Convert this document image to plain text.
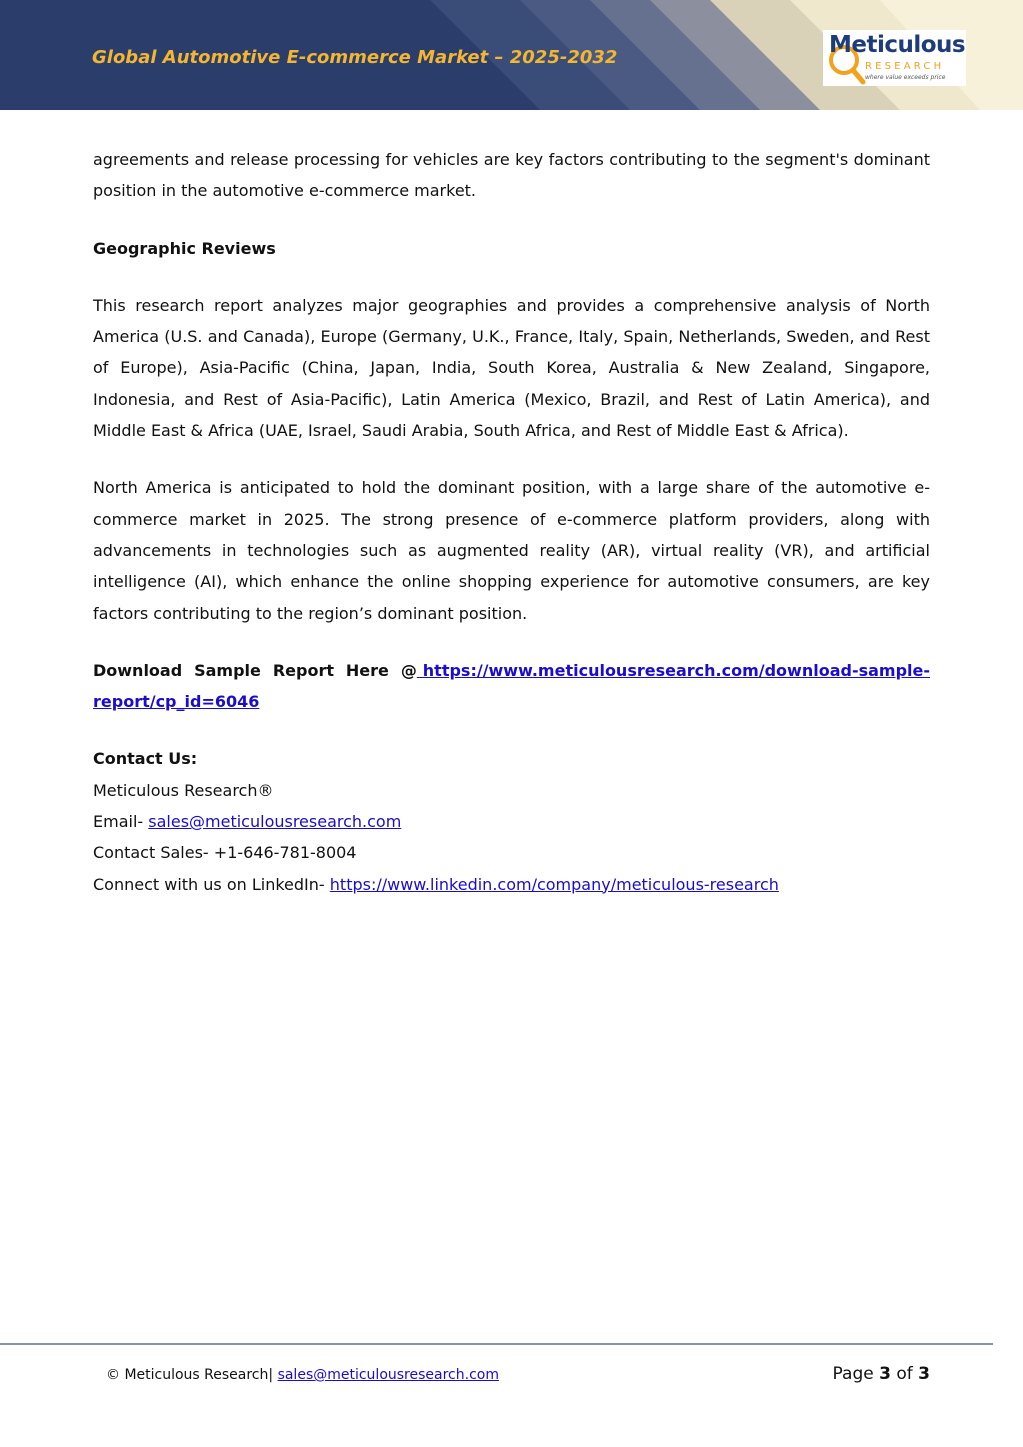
Global Automotive E-commerce Market – 2025-2032	Meticulous
RESEARCH
where value exceeds price

agreements and release processing for vehicles are key factors contributing to the segment's dominant position in the automotive e-commerce market.

Geographic Reviews

This research report analyzes major geographies and provides a comprehensive analysis of North America (U.S. and Canada), Europe (Germany, U.K., France, Italy, Spain, Netherlands, Sweden, and Rest of Europe), Asia-Pacific (China, Japan, India, South Korea, Australia & New Zealand, Singapore, Indonesia, and Rest of Asia-Pacific), Latin America (Mexico, Brazil, and Rest of Latin America), and Middle East & Africa (UAE, Israel, Saudi Arabia, South Africa, and Rest of Middle East & Africa).

North America is anticipated to hold the dominant position, with a large share of the automotive e-commerce market in 2025. The strong presence of e-commerce platform providers, along with advancements in technologies such as augmented reality (AR), virtual reality (VR), and artificial intelligence (AI), which enhance the online shopping experience for automotive consumers, are key factors contributing to the region’s dominant position.

Download Sample Report Here @ https://www.meticulousresearch.com/download-sample-report/cp_id=6046

Contact Us:
Meticulous Research®
Email- sales@meticulousresearch.com
Contact Sales- +1-646-781-8004
Connect with us on LinkedIn- https://www.linkedin.com/company/meticulous-research
© Meticulous Research| sales@meticulousresearch.com	Page 3 of 3
